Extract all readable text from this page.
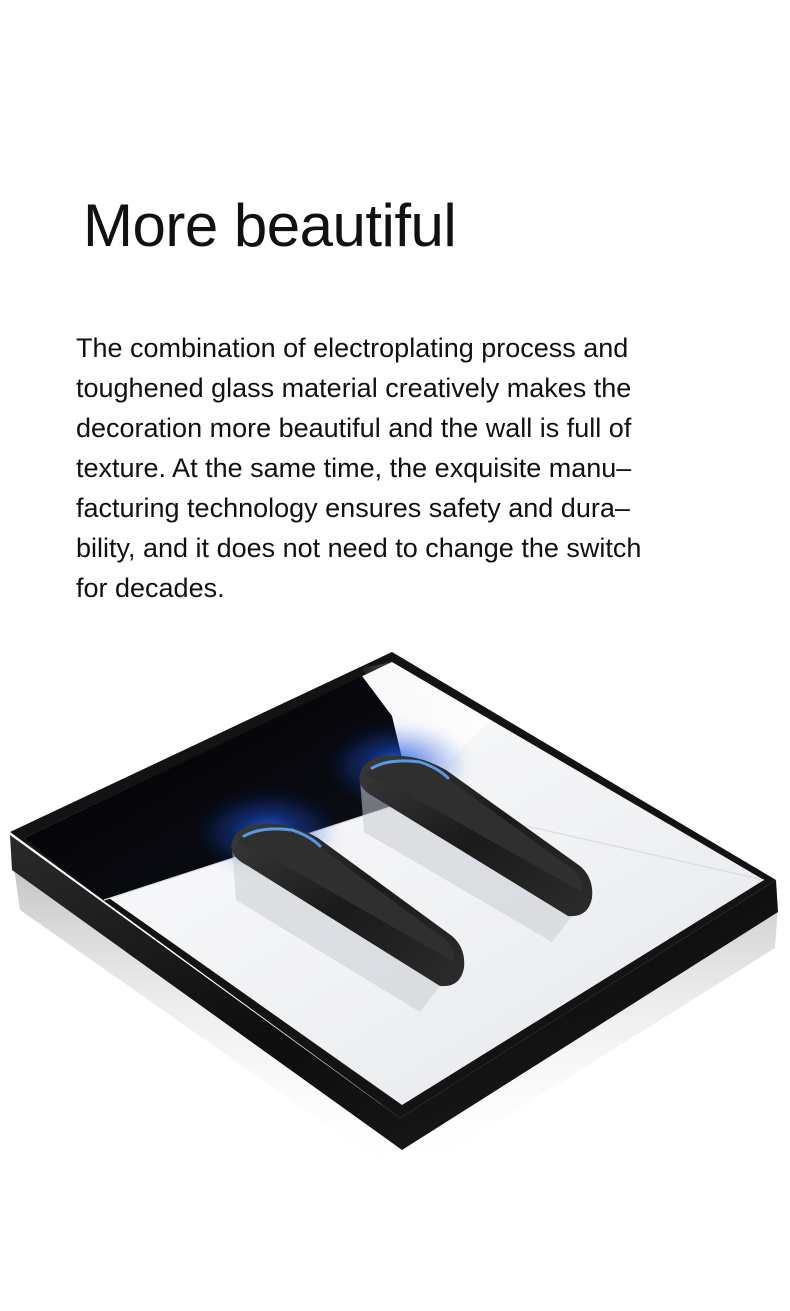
More beautiful

The combination of electroplating process and
toughened glass material creatively makes the
decoration more beautiful and the wall is full of
texture. At the same time, the exquisite manu–
facturing technology ensures safety and dura–
bility, and it does not need to change the switch
for decades.
